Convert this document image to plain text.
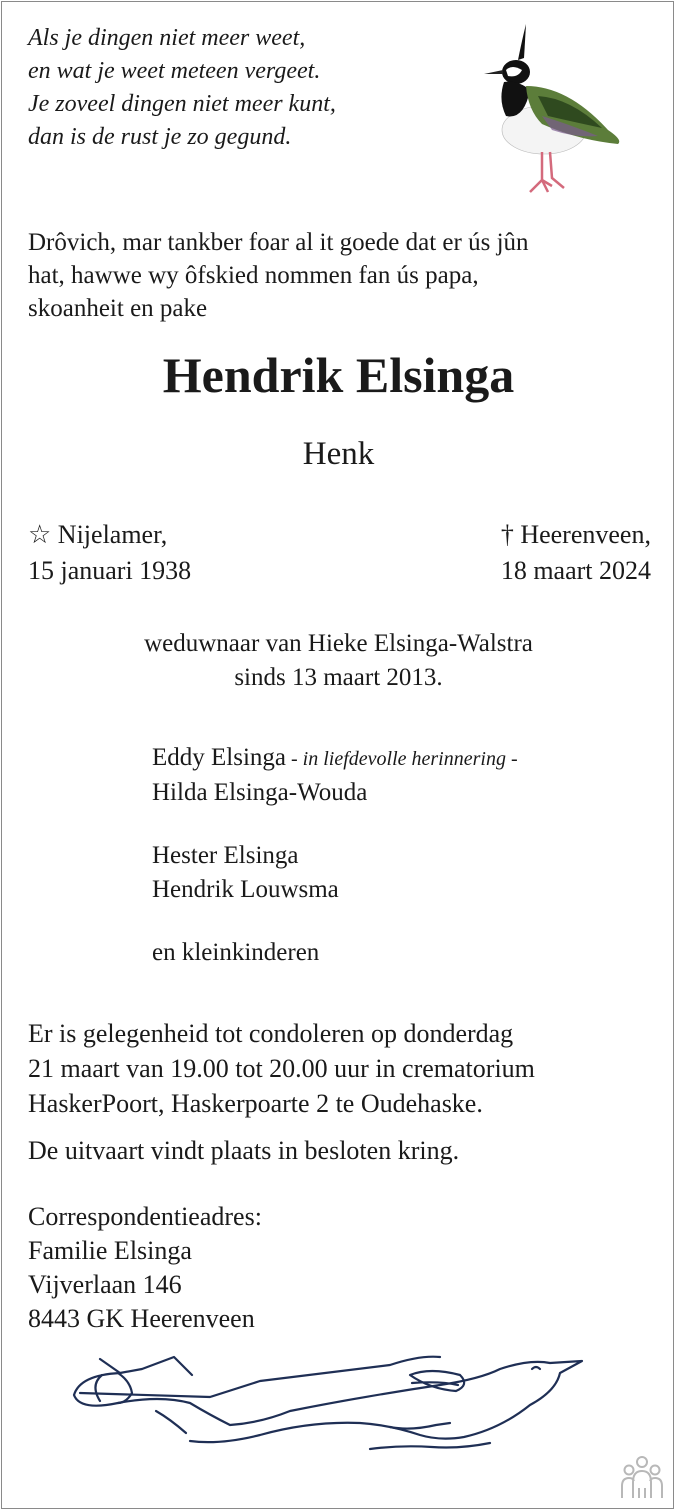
Als je dingen niet meer weet,
en wat je weet meteen vergeet.
Je zoveel dingen niet meer kunt,
dan is de rust je zo gegund.
Drôvich, mar tankber foar al it goede dat er ús jûn
hat, hawwe wy ôfskied nommen fan ús papa,
skoanheit en pake
Hendrik Elsinga
Henk
☆ Nijelamer,
15 januari 1938
† Heerenveen,
18 maart 2024
weduwnaar van Hieke Elsinga-Walstra
sinds 13 maart 2013.
Eddy Elsinga - in liefdevolle herinnering -
Hilda Elsinga-Wouda
Hester Elsinga
Hendrik Louwsma
en kleinkinderen
Er is gelegenheid tot condoleren op donderdag
21 maart van 19.00 tot 20.00 uur in crematorium
HaskerPoort, Haskerpoarte 2 te Oudehaske.
De uitvaart vindt plaats in besloten kring.
Correspondentieadres:
Familie Elsinga
Vijverlaan 146
8443 GK Heerenveen
